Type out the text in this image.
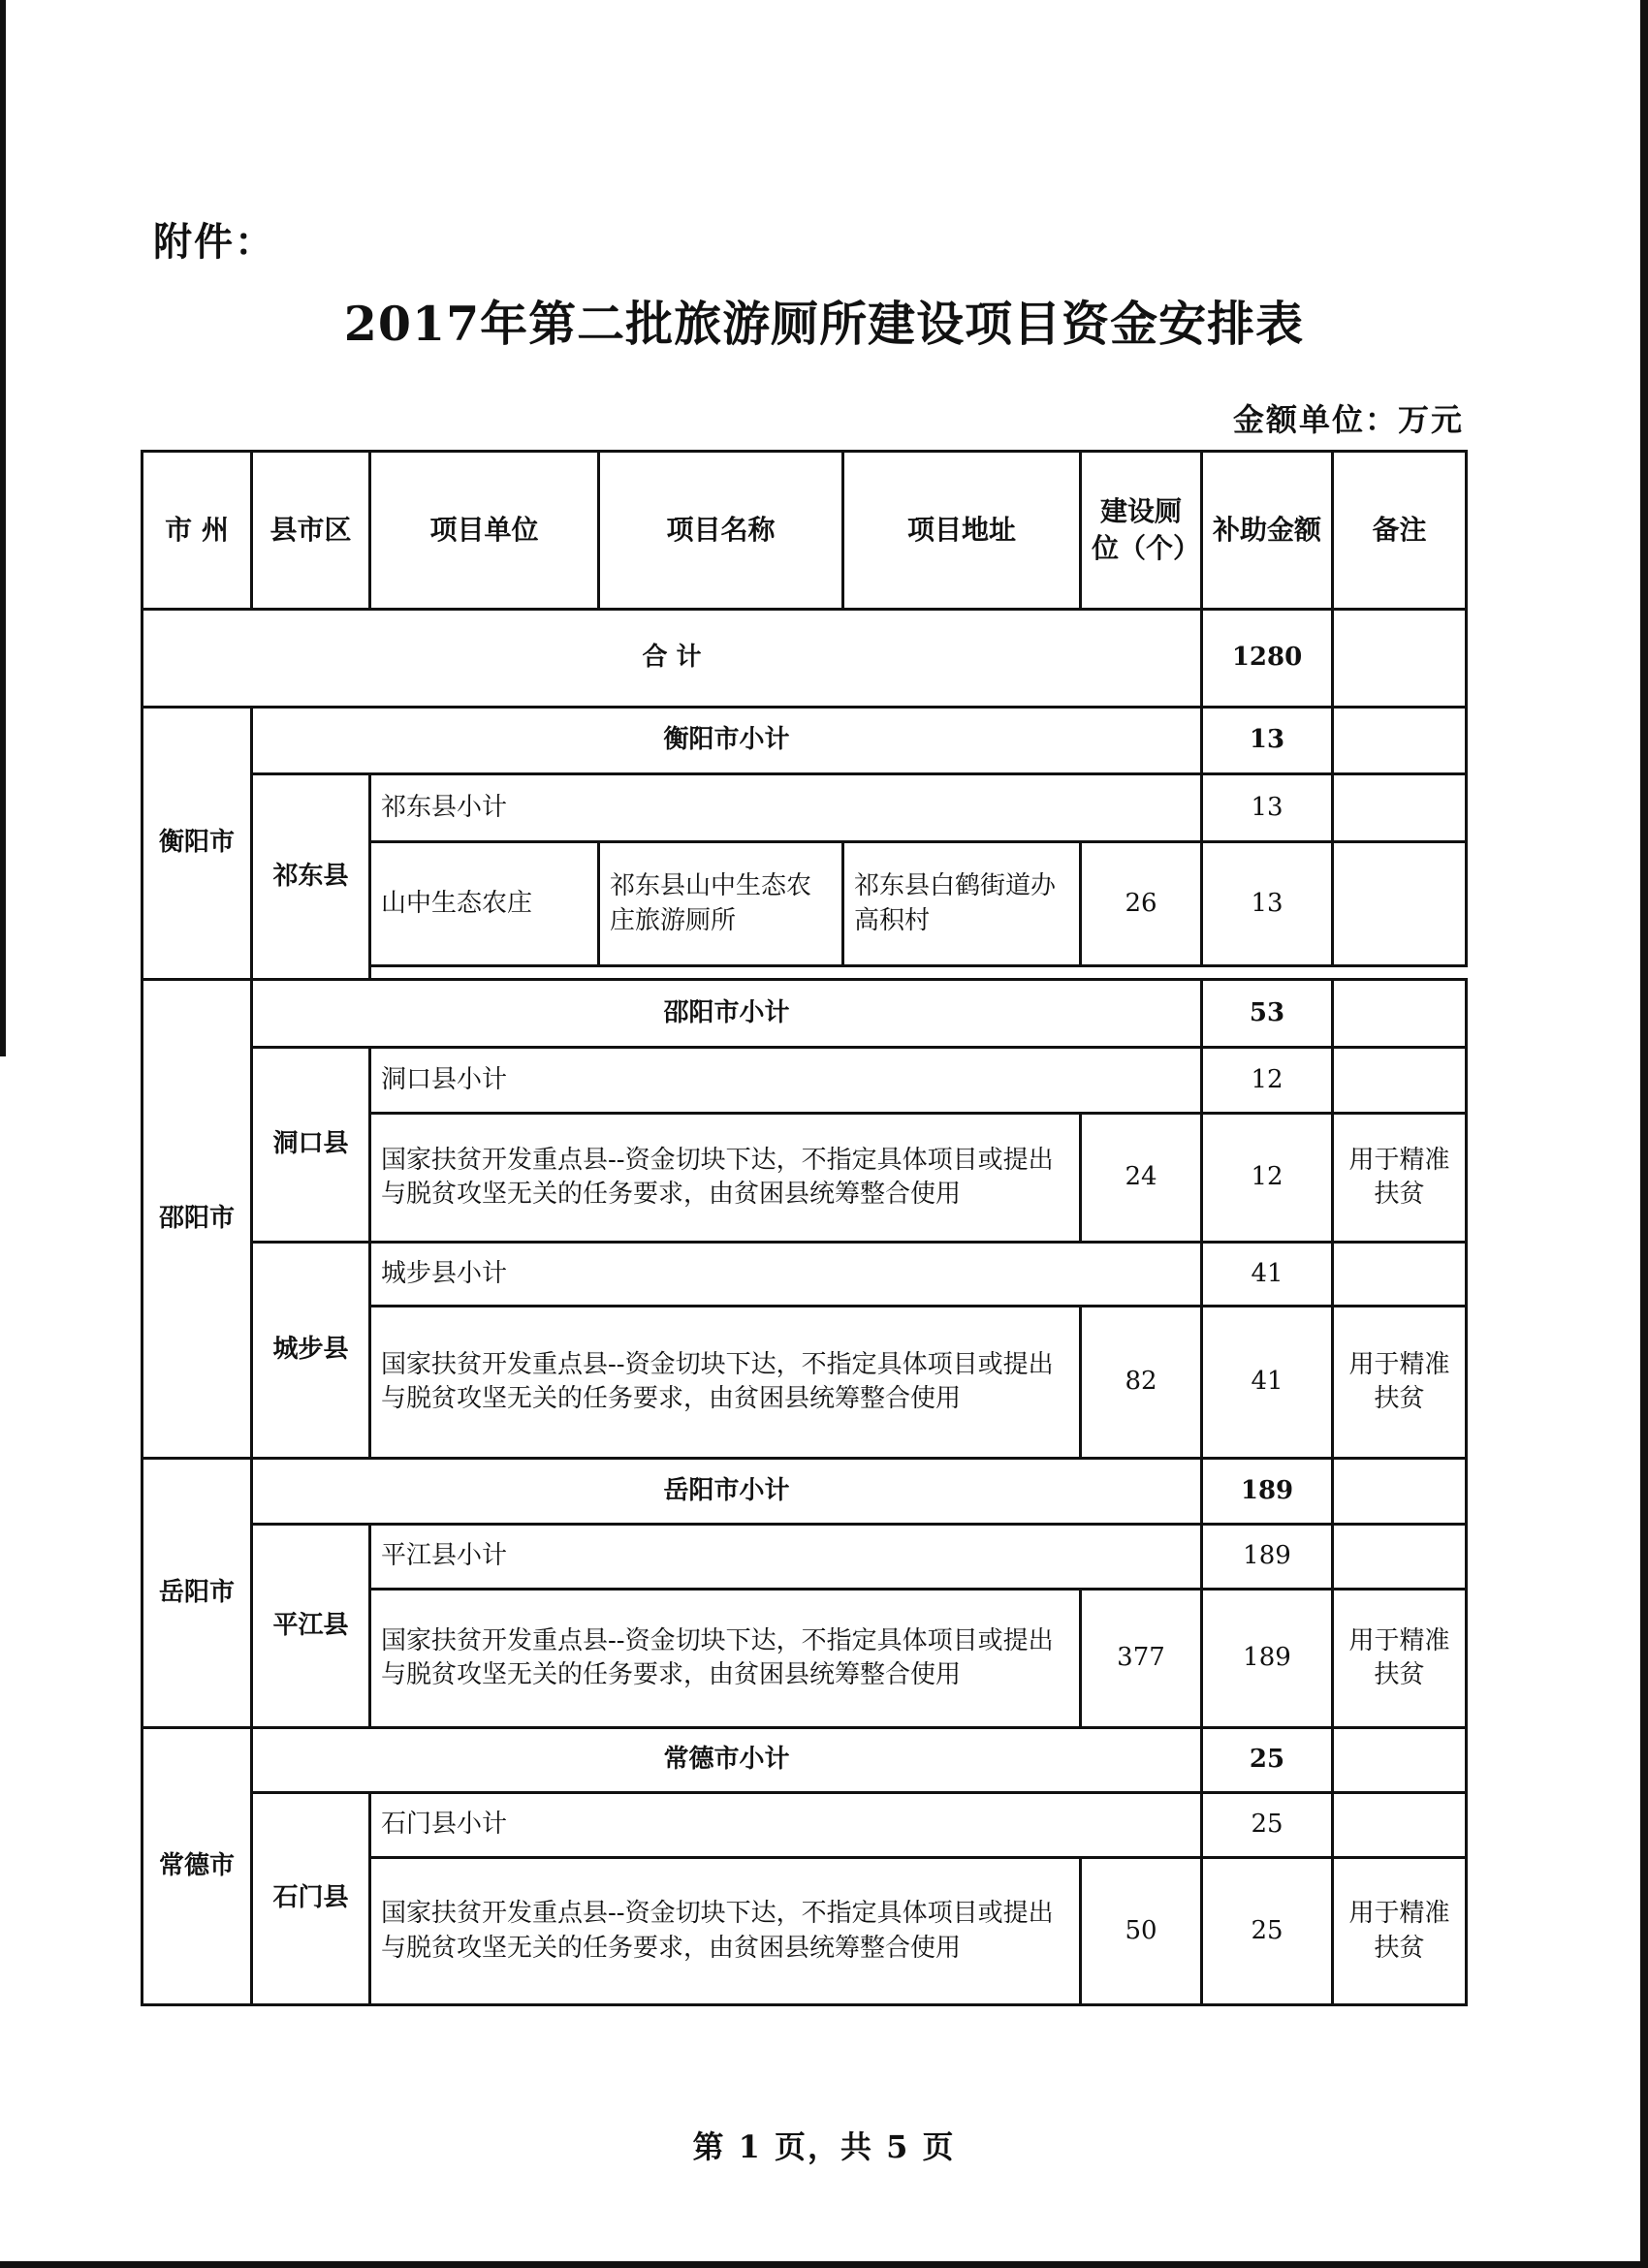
附件：
2017年第二批旅游厕所建设项目资金安排表
金额单位：万元
市 州	县市区	项目单位	项目名称	项目地址	建设厕位（个）	补助金额	备注
合 计						1280	
衡阳市	衡阳市小计					13	
	祁东县	祁东县小计				13	
		山中生态农庄	祁东县山中生态农庄旅游厕所	祁东县白鹤街道办高积村	26	13	

邵阳市	邵阳市小计					53	
	洞口县	洞口县小计				12	
		国家扶贫开发重点县--资金切块下达，不指定具体项目或提出与脱贫攻坚无关的任务要求，由贫困县统筹整合使用			24	12	用于精准扶贫
	城步县	城步县小计				41	
		国家扶贫开发重点县--资金切块下达，不指定具体项目或提出与脱贫攻坚无关的任务要求，由贫困县统筹整合使用			82	41	用于精准扶贫
岳阳市	岳阳市小计					189	
	平江县	平江县小计				189	
		国家扶贫开发重点县--资金切块下达，不指定具体项目或提出与脱贫攻坚无关的任务要求，由贫困县统筹整合使用			377	189	用于精准扶贫
常德市	常德市小计					25	
	石门县	石门县小计				25	
		国家扶贫开发重点县--资金切块下达，不指定具体项目或提出与脱贫攻坚无关的任务要求，由贫困县统筹整合使用			50	25	用于精准扶贫
第 1 页，共 5 页
